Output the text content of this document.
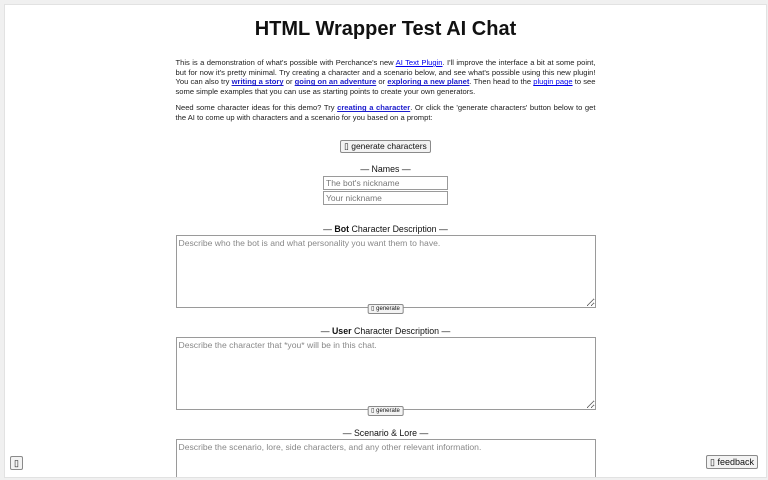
HTML Wrapper Test AI Chat

This is a demonstration of what's possible with Perchance's new AI Text Plugin. I'll improve the interface a bit at some point, but for now it's pretty minimal. Try creating a character and a scenario below, and see what's possible using this new plugin! You can also try writing a story or going on an adventure or exploring a new planet. Then head to the plugin page to see some simple examples that you can use as starting points to create your own generators.

Need some character ideas for this demo? Try creating a character. Or click the 'generate characters' button below to get the AI to come up with characters and a scenario for you based on a prompt:

▯ generate characters
— Names —
The bot's nickname
Your nickname
— Bot Character Description —
Describe who the bot is and what personality you want them to have.
▯ generate
— User Character Description —
Describe the character that *you* will be in this chat.
▯ generate
— Scenario & Lore —
Describe the scenario, lore, side characters, and any other relevant information.
▯	▯ feedback
